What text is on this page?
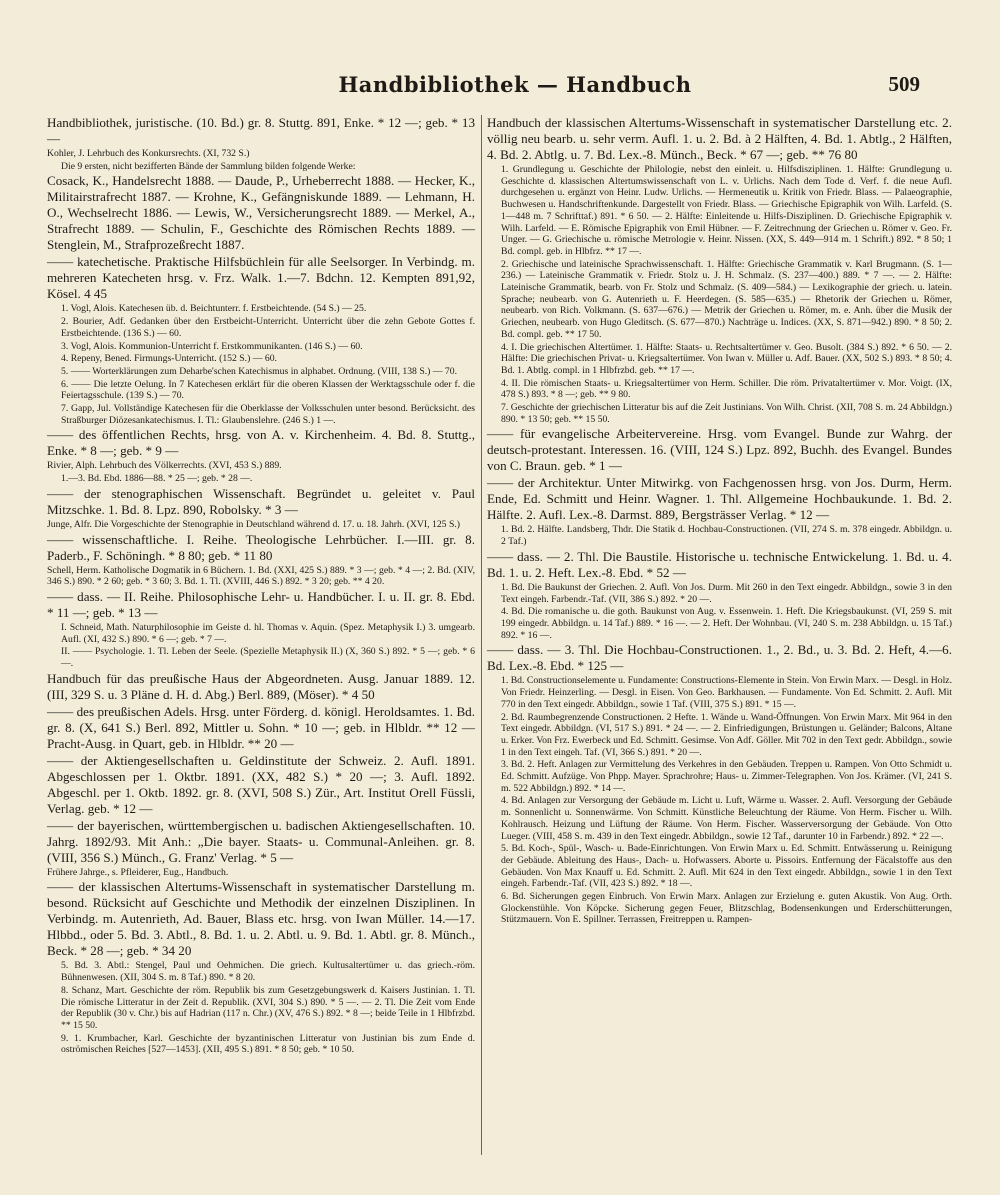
Handbibliothek — Handbuch	509

Handbibliothek, juristische. (10. Bd.) gr. 8. Stuttg. 891, Enke. * 12 —; geb. * 13 —

Kohler, J. Lehrbuch des Konkursrechts. (XI, 732 S.)

Die 9 ersten, nicht bezifferten Bände der Sammlung bilden folgende Werke:

Cosack, K., Handelsrecht 1888. — Daude, P., Urheberrecht 1888. — Hecker, K., Militairstrafrecht 1887. — Krohne, K., Gefängniskunde 1889. — Lehmann, H. O., Wechselrecht 1886. — Lewis, W., Versicherungsrecht 1889. — Merkel, A., Strafrecht 1889. — Schulin, F., Geschichte des Römischen Rechts 1889. — Stenglein, M., Strafprozeßrecht 1887.

—— katechetische. Praktische Hilfsbüchlein für alle Seelsorger. In Verbindg. m. mehreren Katecheten hrsg. v. Frz. Walk. 1.—7. Bdchn. 12. Kempten 891,92, Kösel. 4 45

1. Vogl, Alois. Katechesen üb. d. Beichtunterr. f. Erstbeichtende. (54 S.) — 25.

2. Bourier, Adf. Gedanken über den Erstbeicht-Unterricht. Unterricht über die zehn Gebote Gottes f. Erstbeichtende. (136 S.) — 60.

3. Vogl, Alois. Kommunion-Unterricht f. Erstkommunikanten. (146 S.) — 60.

4. Repeny, Bened. Firmungs-Unterricht. (152 S.) — 60.

5. —— Worterklärungen zum Deharbe'schen Katechismus in alphabet. Ordnung. (VIII, 138 S.) — 70.

6. —— Die letzte Oelung. In 7 Katechesen erklärt für die oberen Klassen der Werktagsschule oder f. die Feiertagsschule. (139 S.) — 70.

7. Gapp, Jul. Vollständige Katechesen für die Oberklasse der Volksschulen unter besond. Berücksicht. des Straßburger Diözesankatechismus. I. Tl.: Glaubenslehre. (246 S.) 1 —.

—— des öffentlichen Rechts, hrsg. von A. v. Kirchenheim. 4. Bd. 8. Stuttg., Enke. * 8 —; geb. * 9 —

Rivier, Alph. Lehrbuch des Völkerrechts. (XVI, 453 S.) 889.

1.—3. Bd. Ebd. 1886—88. * 25 —; geb. * 28 —.

—— der stenographischen Wissenschaft. Begründet u. geleitet v. Paul Mitzschke. 1. Bd. 8. Lpz. 890, Robolsky. * 3 —

Junge, Alfr. Die Vorgeschichte der Stenographie in Deutschland während d. 17. u. 18. Jahrh. (XVI, 125 S.)

—— wissenschaftliche. I. Reihe. Theologische Lehrbücher. I.—III. gr. 8. Paderb., F. Schöningh. * 8 80; geb. * 11 80

Schell, Herm. Katholische Dogmatik in 6 Büchern. 1. Bd. (XXI, 425 S.) 889. * 3 —; geb. * 4 —; 2. Bd. (XIV, 346 S.) 890. * 2 60; geb. * 3 60; 3. Bd. 1. Tl. (XVIII, 446 S.) 892. * 3 20; geb. ** 4 20.

—— dass. — II. Reihe. Philosophische Lehr- u. Handbücher. I. u. II. gr. 8. Ebd. * 11 —; geb. * 13 —

I. Schneid, Math. Naturphilosophie im Geiste d. hl. Thomas v. Aquin. (Spez. Metaphysik I.) 3. umgearb. Aufl. (XI, 432 S.) 890. * 6 —; geb. * 7 —.

II. —— Psychologie. 1. Tl. Leben der Seele. (Spezielle Metaphysik II.) (X, 360 S.) 892. * 5 —; geb. * 6 —.

Handbuch für das preußische Haus der Abgeordneten. Ausg. Januar 1889. 12. (III, 329 S. u. 3 Pläne d. H. d. Abg.) Berl. 889, (Möser). * 4 50

—— des preußischen Adels. Hrsg. unter Förderg. d. königl. Heroldsamtes. 1. Bd. gr. 8. (X, 641 S.) Berl. 892, Mittler u. Sohn. * 10 —; geb. in Hlbldr. ** 12 — Pracht-Ausg. in Quart, geb. in Hlbldr. ** 20 —

—— der Aktiengesellschaften u. Geldinstitute der Schweiz. 2. Aufl. 1891. Abgeschlossen per 1. Oktbr. 1891. (XX, 482 S.) * 20 —; 3. Aufl. 1892. Abgeschl. per 1. Oktb. 1892. gr. 8. (XVI, 508 S.) Zür., Art. Institut Orell Füssli, Verlag. geb. * 12 —

—— der bayerischen, württembergischen u. badischen Aktiengesellschaften. 10. Jahrg. 1892/93. Mit Anh.: „Die bayer. Staats- u. Communal-Anleihen. gr. 8. (VIII, 356 S.) Münch., G. Franz' Verlag. * 5 —

Frühere Jahrge., s. Pfleiderer, Eug., Handbuch.

—— der klassischen Altertums-Wissenschaft in systematischer Darstellung m. besond. Rücksicht auf Geschichte und Methodik der einzelnen Disziplinen. In Verbindg. m. Autenrieth, Ad. Bauer, Blass etc. hrsg. von Iwan Müller. 14.—17. Hlbbd., oder 5. Bd. 3. Abtl., 8. Bd. 1. u. 2. Abtl. u. 9. Bd. 1. Abtl. gr. 8. Münch., Beck. * 28 —; geb. * 34 20

5. Bd. 3. Abtl.: Stengel, Paul und Oehmichen. Die griech. Kultusaltertümer u. das griech.-röm. Bühnenwesen. (XII, 304 S. m. 8 Taf.) 890. * 8 20.

8. Schanz, Mart. Geschichte der röm. Republik bis zum Gesetzgebungswerk d. Kaisers Justinian. 1. Tl. Die römische Litteratur in der Zeit d. Republik. (XVI, 304 S.) 890. * 5 —. — 2. Tl. Die Zeit vom Ende der Republik (30 v. Chr.) bis auf Hadrian (117 n. Chr.) (XV, 476 S.) 892. * 8 —; beide Teile in 1 Hlbfrzbd. ** 15 50.

9. 1. Krumbacher, Karl. Geschichte der byzantinischen Litteratur von Justinian bis zum Ende d. oströmischen Reiches [527—1453]. (XII, 495 S.) 891. * 8 50; geb. * 10 50.

Handbuch der klassischen Altertums-Wissenschaft in systematischer Darstellung etc. 2. völlig neu bearb. u. sehr verm. Aufl. 1. u. 2. Bd. à 2 Hälften, 4. Bd. 1. Abtlg., 2 Hälften, 4. Bd. 2. Abtlg. u. 7. Bd. Lex.-8. Münch., Beck. * 67 —; geb. ** 76 80

1. Grundlegung u. Geschichte der Philologie, nebst den einleit. u. Hilfsdisziplinen. 1. Hälfte: Grundlegung u. Geschichte d. klassischen Altertumswissenschaft von L. v. Urlichs. Nach dem Tode d. Verf. f. die neue Aufl. durchgesehen u. ergänzt von Heinr. Ludw. Urlichs. — Hermeneutik u. Kritik von Friedr. Blass. — Palaeographie, Buchwesen u. Handschriftenkunde. Dargestellt von Friedr. Blass. — Griechische Epigraphik von Wilh. Larfeld. (S. 1—448 m. 7 Schrifttaf.) 891. * 6 50. — 2. Hälfte: Einleitende u. Hilfs-Disziplinen. D. Griechische Epigraphik v. Wilh. Larfeld. — E. Römische Epigraphik von Emil Hübner. — F. Zeitrechnung der Griechen u. Römer v. Geo. Fr. Unger. — G. Griechische u. römische Metrologie v. Heinr. Nissen. (XX, S. 449—914 m. 1 Schrift.) 892. * 8 50; 1 Bd. compl. geb. in Hlbfrz. ** 17 —.

2. Griechische und lateinische Sprachwissenschaft. 1. Hälfte: Griechische Grammatik v. Karl Brugmann. (S. 1—236.) — Lateinische Grammatik v. Friedr. Stolz u. J. H. Schmalz. (S. 237—400.) 889. * 7 —. — 2. Hälfte: Lateinische Grammatik, bearb. von Fr. Stolz und Schmalz. (S. 409—584.) — Lexikographie der griech. u. latein. Sprache; neubearb. von G. Autenrieth u. F. Heerdegen. (S. 585—635.) — Rhetorik der Griechen u. Römer, neubearb. von Rich. Volkmann. (S. 637—676.) — Metrik der Griechen u. Römer, m. e. Anh. über die Musik der Griechen, neubearb. von Hugo Gleditsch. (S. 677—870.) Nachträge u. Indices. (XX, S. 871—942.) 890. * 8 50; 2. Bd. compl. geb. ** 17 50.

4. I. Die griechischen Altertümer. 1. Hälfte: Staats- u. Rechtsaltertümer v. Geo. Busolt. (384 S.) 892. * 6 50. — 2. Hälfte: Die griechischen Privat- u. Kriegsaltertümer. Von Iwan v. Müller u. Adf. Bauer. (XX, 502 S.) 893. * 8 50; 4. Bd. 1. Abtlg. compl. in 1 Hlbfrzbd. geb. ** 17 —.

4. II. Die römischen Staats- u. Kriegsaltertümer von Herm. Schiller. Die röm. Privataltertümer v. Mor. Voigt. (IX, 478 S.) 893. * 8 —; geb. ** 9 80.

7. Geschichte der griechischen Litteratur bis auf die Zeit Justinians. Von Wilh. Christ. (XII, 708 S. m. 24 Abbildgn.) 890. * 13 50; geb. ** 15 50.

—— für evangelische Arbeitervereine. Hrsg. vom Evangel. Bunde zur Wahrg. der deutsch-protestant. Interessen. 16. (VIII, 124 S.) Lpz. 892, Buchh. des Evangel. Bundes von C. Braun. geb. * 1 —

—— der Architektur. Unter Mitwirkg. von Fachgenossen hrsg. von Jos. Durm, Herm. Ende, Ed. Schmitt und Heinr. Wagner. 1. Thl. Allgemeine Hochbaukunde. 1. Bd. 2. Hälfte. 2. Aufl. Lex.-8. Darmst. 889, Bergsträsser Verlag. * 12 —

1. Bd. 2. Hälfte. Landsberg, Thdr. Die Statik d. Hochbau-Constructionen. (VII, 274 S. m. 378 eingedr. Abbildgn. u. 2 Taf.)

—— dass. — 2. Thl. Die Baustile. Historische u. technische Entwickelung. 1. Bd. u. 4. Bd. 1. u. 2. Heft. Lex.-8. Ebd. * 52 —

1. Bd. Die Baukunst der Griechen. 2. Aufl. Von Jos. Durm. Mit 260 in den Text eingedr. Abbildgn., sowie 3 in den Text eingeh. Farbendr.-Taf. (VII, 386 S.) 892. * 20 —.

4. Bd. Die romanische u. die goth. Baukunst von Aug. v. Essenwein. 1. Heft. Die Kriegsbaukunst. (VI, 259 S. mit 199 eingedr. Abbildgn. u. 14 Taf.) 889. * 16 —. — 2. Heft. Der Wohnbau. (VI, 240 S. m. 238 Abbildgn. u. 15 Taf.) 892. * 16 —.

—— dass. — 3. Thl. Die Hochbau-Constructionen. 1., 2. Bd., u. 3. Bd. 2. Heft, 4.—6. Bd. Lex.-8. Ebd. * 125 —

1. Bd. Constructionselemente u. Fundamente: Constructions-Elemente in Stein. Von Erwin Marx. — Desgl. in Holz. Von Friedr. Heinzerling. — Desgl. in Eisen. Von Geo. Barkhausen. — Fundamente. Von Ed. Schmitt. 2. Aufl. Mit 770 in den Text eingedr. Abbildgn., sowie 1 Taf. (VIII, 375 S.) 891. * 15 —.

2. Bd. Raumbegrenzende Constructionen. 2 Hefte. 1. Wände u. Wand-Öffnungen. Von Erwin Marx. Mit 964 in den Text eingedr. Abbildgn. (VI, 517 S.) 891. * 24 —. — 2. Einfriedigungen, Brüstungen u. Geländer; Balcons, Altane u. Erker. Von Frz. Ewerbeck und Ed. Schmitt. Gesimse. Von Adf. Göller. Mit 702 in den Text gedr. Abbildgn., sowie 1 in den Text eingeh. Taf. (VI, 366 S.) 891. * 20 —.

3. Bd. 2. Heft. Anlagen zur Vermittelung des Verkehres in den Gebäuden. Treppen u. Rampen. Von Otto Schmidt u. Ed. Schmitt. Aufzüge. Von Phpp. Mayer. Sprachrohre; Haus- u. Zimmer-Telegraphen. Von Jos. Krämer. (VI, 241 S. m. 522 Abbildgn.) 892. * 14 —.

4. Bd. Anlagen zur Versorgung der Gebäude m. Licht u. Luft, Wärme u. Wasser. 2. Aufl. Versorgung der Gebäude m. Sonnenlicht u. Sonnenwärme. Von Schmitt. Künstliche Beleuchtung der Räume. Von Herm. Fischer u. Wilh. Kohlrausch. Heizung und Lüftung der Räume. Von Herm. Fischer. Wasserversorgung der Gebäude. Von Otto Lueger. (VIII, 458 S. m. 439 in den Text eingedr. Abbildgn., sowie 12 Taf., darunter 10 in Farbendr.) 892. * 22 —.

5. Bd. Koch-, Spül-, Wasch- u. Bade-Einrichtungen. Von Erwin Marx u. Ed. Schmitt. Entwässerung u. Reinigung der Gebäude. Ableitung des Haus-, Dach- u. Hofwassers. Aborte u. Pissoirs. Entfernung der Fäcalstoffe aus den Gebäuden. Von Max Knauff u. Ed. Schmitt. 2. Aufl. Mit 624 in den Text eingedr. Abbildgn., sowie 1 in den Text eingeh. Farbendr.-Taf. (VII, 423 S.) 892. * 18 —.

6. Bd. Sicherungen gegen Einbruch. Von Erwin Marx. Anlagen zur Erzielung e. guten Akustik. Von Aug. Orth. Glockenstühle. Von Köpcke. Sicherung gegen Feuer, Blitzschlag, Bodensenkungen und Erderschütterungen, Stützmauern. Von E. Spillner. Terrassen, Freitreppen u. Rampen-
